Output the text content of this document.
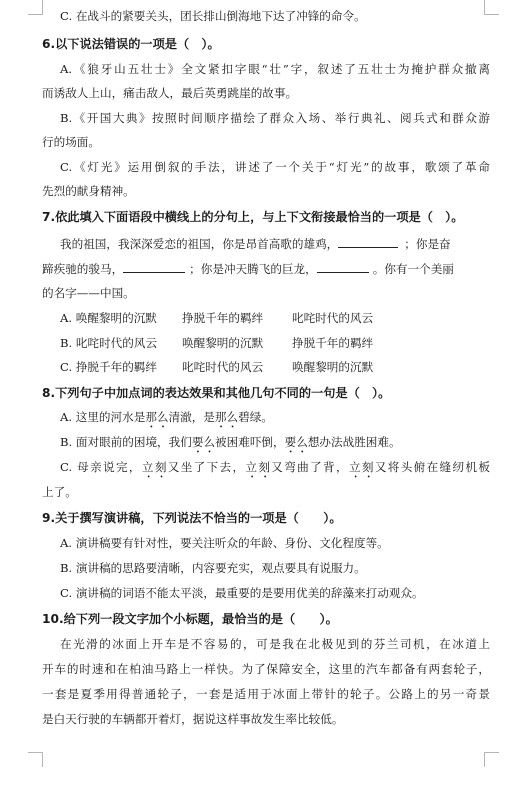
C. 在战斗的紧要关头，团长排山倒海地下达了冲锋的命令。
6.以下说法错误的一项是（　）。
A.《狼牙山五壮士》全文紧扣字眼“壮”字，叙述了五壮士为掩护群众撤离
而诱敌人上山，痛击敌人，最后英勇跳崖的故事。
B.《开国大典》按照时间顺序描绘了群众入场、举行典礼、阅兵式和群众游
行的场面。
C.《灯光》运用倒叙的手法，讲述了一个关于“灯光”的故事，歌颂了革命
先烈的献身精神。
7.依此填入下面语段中横线上的分句上，与上下文衔接最恰当的一项是（　）。
我的祖国，我深深爱恋的祖国，你是昂首高歌的雄鸡，	；你是奋
蹄疾驰的骏马，	；你是冲天腾飞的巨龙，	。你有一个美丽
的名字——中国。
A. 唤醒黎明的沉默 挣脱千年的羁绊 叱咤时代的风云
B. 叱咤时代的风云 唤醒黎明的沉默 挣脱千年的羁绊
C. 挣脱千年的羁绊 叱咤时代的风云 唤醒黎明的沉默
8.下列句子中加点词的表达效果和其他几句不同的一句是（　）。
A. 这里的河水是那么清澈，是那么碧绿。
B. 面对眼前的困境，我们要么被困难吓倒，要么想办法战胜困难。
C. 母亲说完，立刻又坐了下去，立刻又弯曲了背，立刻又将头俯在缝纫机板
上了。
9.关于撰写演讲稿，下列说法不恰当的一项是（　　）。
A. 演讲稿要有针对性，要关注听众的年龄、身份、文化程度等。
B. 演讲稿的思路要清晰，内容要充实，观点要具有说服力。
C. 演讲稿的词语不能太平淡，最重要的是要用优美的辞藻来打动观众。
10.给下列一段文字加个小标题，最恰当的是（　　）。
在光滑的冰面上开车是不容易的，可是我在北极见到的芬兰司机，在冰道上
开车的时速和在柏油马路上一样快。为了保障安全，这里的汽车都备有两套轮子，
一套是夏季用得普通轮子，一套是适用于冰面上带针的轮子。公路上的另一奇景
是白天行驶的车辆都开着灯，据说这样事故发生率比较低。
